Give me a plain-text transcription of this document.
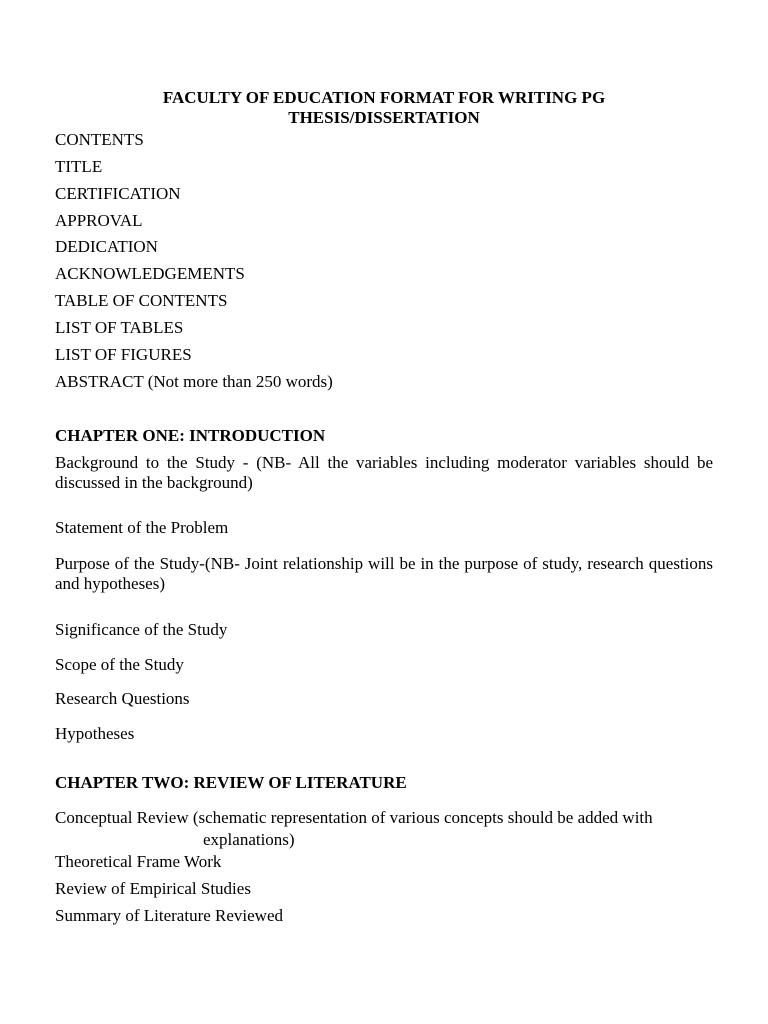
FACULTY OF EDUCATION FORMAT FOR WRITING PG

THESIS/DISSERTATION

CONTENTS

TITLE

CERTIFICATION

APPROVAL

DEDICATION

ACKNOWLEDGEMENTS

TABLE OF CONTENTS

LIST OF TABLES

LIST OF FIGURES

ABSTRACT (Not more than 250 words)

CHAPTER ONE: INTRODUCTION

Background to the Study - (NB- All the variables including moderator variables should be discussed in the background)

Statement of the Problem

Purpose of the Study-(NB- Joint relationship will be in the purpose of study, research questions and hypotheses)

Significance of the Study

Scope of the Study

Research Questions

Hypotheses

CHAPTER TWO: REVIEW OF LITERATURE

Conceptual Review (schematic representation of various concepts should be added with

explanations)

Theoretical Frame Work

Review of Empirical Studies

Summary of Literature Reviewed
